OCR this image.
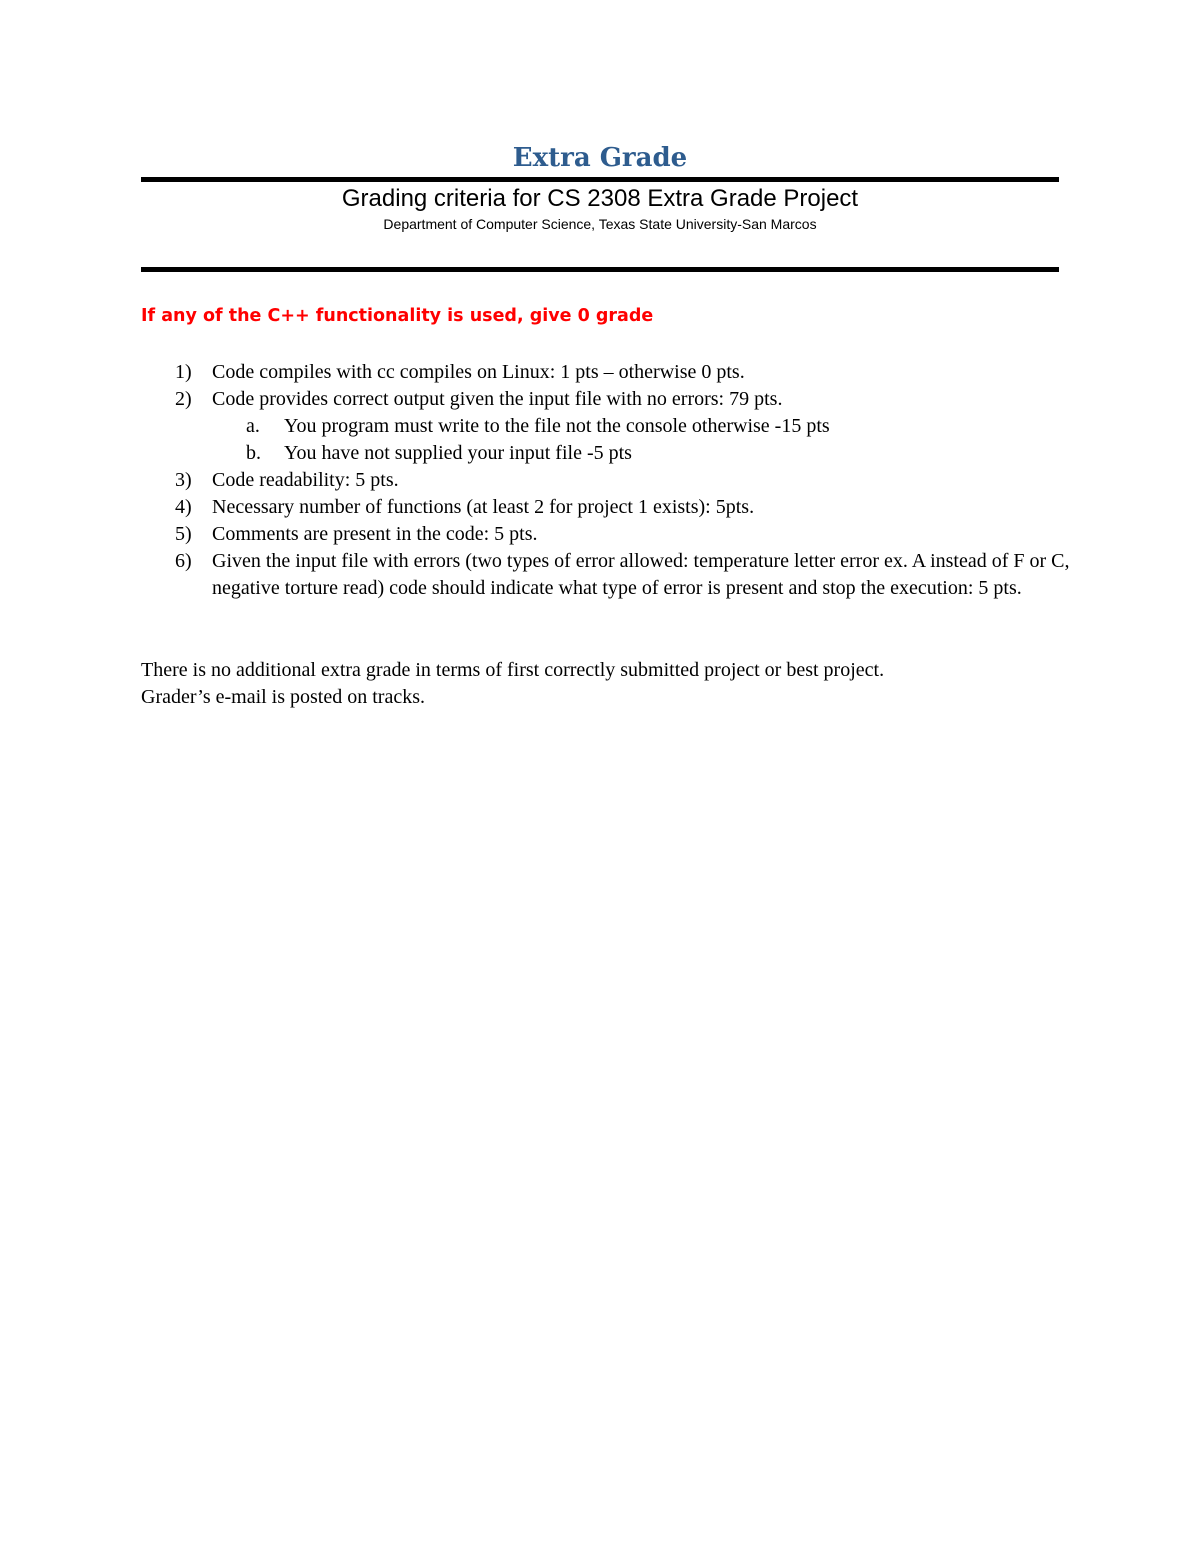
Extra Grade
Grading criteria for CS 2308 Extra Grade Project
Department of Computer Science, Texas State University-San Marcos
If any of the C++ functionality is used, give 0 grade
1) Code compiles with cc compiles on Linux: 1 pts – otherwise 0 pts.
2) Code provides correct output given the input file with no errors: 79 pts.
a. You program must write to the file not the console otherwise -15 pts
b. You have not supplied your input file -5 pts
3) Code readability: 5 pts.
4) Necessary number of functions (at least 2 for project 1 exists): 5pts.
5) Comments are present in the code: 5 pts.
6) Given the input file with errors (two types of error allowed: temperature letter error ex. A instead of F or C, negative torture read) code should indicate what type of error is present and stop the execution: 5 pts.
There is no additional extra grade in terms of first correctly submitted project or best project.
Grader’s e-mail is posted on tracks.
